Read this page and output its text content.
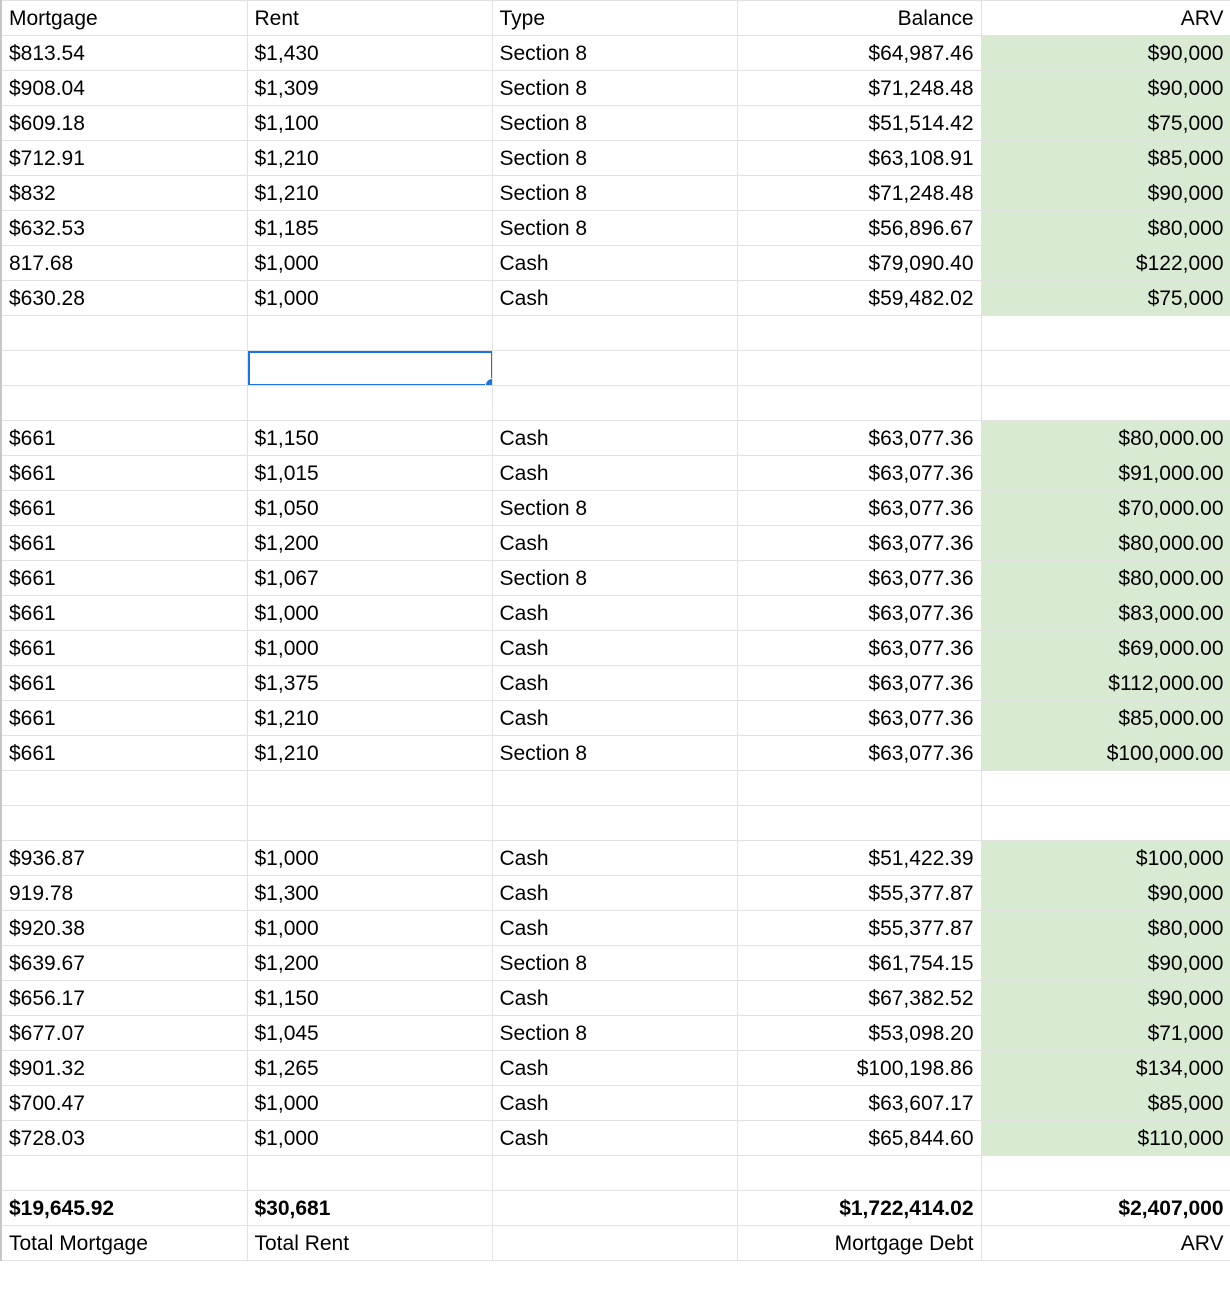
Mortgage	Rent	Type	Balance	ARV
$813.54	$1,430	Section 8	$64,987.46	$90,000
$908.04	$1,309	Section 8	$71,248.48	$90,000
$609.18	$1,100	Section 8	$51,514.42	$75,000
$712.91	$1,210	Section 8	$63,108.91	$85,000
$832	$1,210	Section 8	$71,248.48	$90,000
$632.53	$1,185	Section 8	$56,896.67	$80,000
817.68	$1,000	Cash	$79,090.40	$122,000
$630.28	$1,000	Cash	$59,482.02	$75,000

$661	$1,150	Cash	$63,077.36	$80,000.00
$661	$1,015	Cash	$63,077.36	$91,000.00
$661	$1,050	Section 8	$63,077.36	$70,000.00
$661	$1,200	Cash	$63,077.36	$80,000.00
$661	$1,067	Section 8	$63,077.36	$80,000.00
$661	$1,000	Cash	$63,077.36	$83,000.00
$661	$1,000	Cash	$63,077.36	$69,000.00
$661	$1,375	Cash	$63,077.36	$112,000.00
$661	$1,210	Cash	$63,077.36	$85,000.00
$661	$1,210	Section 8	$63,077.36	$100,000.00

$936.87	$1,000	Cash	$51,422.39	$100,000
919.78	$1,300	Cash	$55,377.87	$90,000
$920.38	$1,000	Cash	$55,377.87	$80,000
$639.67	$1,200	Section 8	$61,754.15	$90,000
$656.17	$1,150	Cash	$67,382.52	$90,000
$677.07	$1,045	Section 8	$53,098.20	$71,000
$901.32	$1,265	Cash	$100,198.86	$134,000
$700.47	$1,000	Cash	$63,607.17	$85,000
$728.03	$1,000	Cash	$65,844.60	$110,000

$19,645.92	$30,681		$1,722,414.02	$2,407,000
Total Mortgage	Total Rent		Mortgage Debt	ARV
